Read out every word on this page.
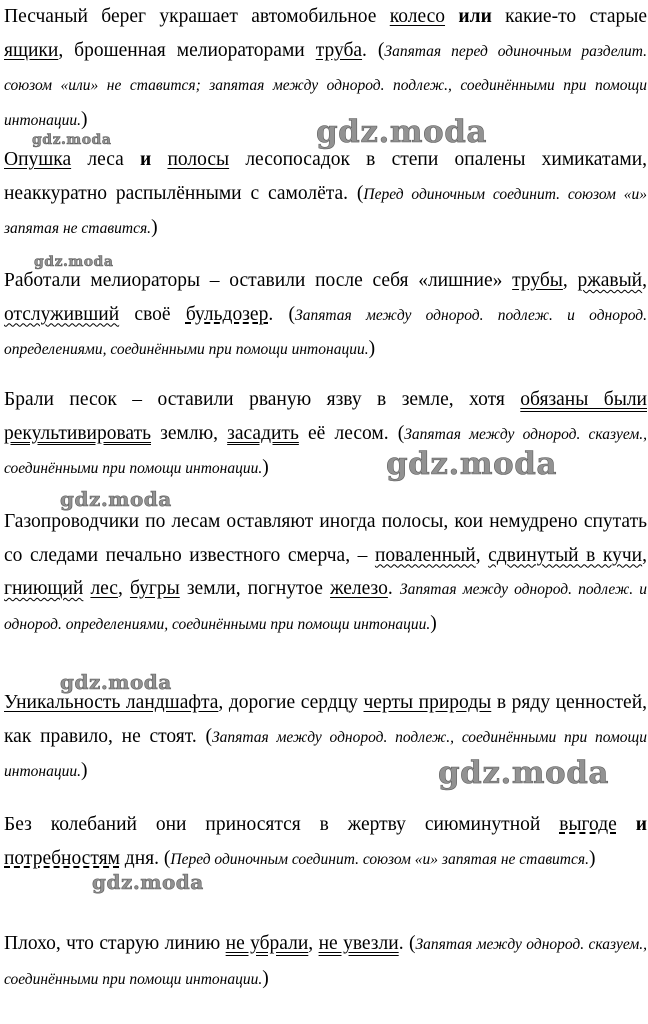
Песчаный берег украшает автомобильное колесо или какие-то старые ящики, брошенная мелиораторами труба. (Запятая перед одиночным разделит. союзом «или» не ставится; запятая между однород. подлеж., соединёнными при помощи интонации.)
Опушка леса и полосы лесопосадок в степи опалены химикатами, неаккуратно распылёнными с самолёта. (Перед одиночным соединит. союзом «и» запятая не ставится.)
Работали мелиораторы – оставили после себя «лишние» трубы, ржавый, отслуживший своё бульдозер. (Запятая между однород. подлеж. и однород. определениями, соединёнными при помощи интонации.)
Брали песок – оставили рваную язву в земле, хотя обязаны были рекультивировать землю, засадить её лесом. (Запятая между однород. сказуем., соединёнными при помощи интонации.)
Газопроводчики по лесам оставляют иногда полосы, кои немудрено спутать со следами печально известного смерча, – поваленный, сдвинутый в кучи, гниющий лес, бугры земли, погнутое железо. Запятая между однород. подлеж. и однород. определениями, соединёнными при помощи интонации.)
Уникальность ландшафта, дорогие сердцу черты природы в ряду ценностей, как правило, не стоят. (Запятая между однород. подлеж., соединёнными при помощи интонации.)
Без колебаний они приносятся в жертву сиюминутной выгоде и потребностям дня. (Перед одиночным соединит. союзом «и» запятая не ставится.)
Плохо, что старую линию не убрали, не увезли. (Запятая между однород. сказуем., соединёнными при помощи интонации.)
gdz.moda	gdz.moda
gdz.moda
gdz.moda
gdz.moda
gdz.moda
gdz.moda
gdz.moda
